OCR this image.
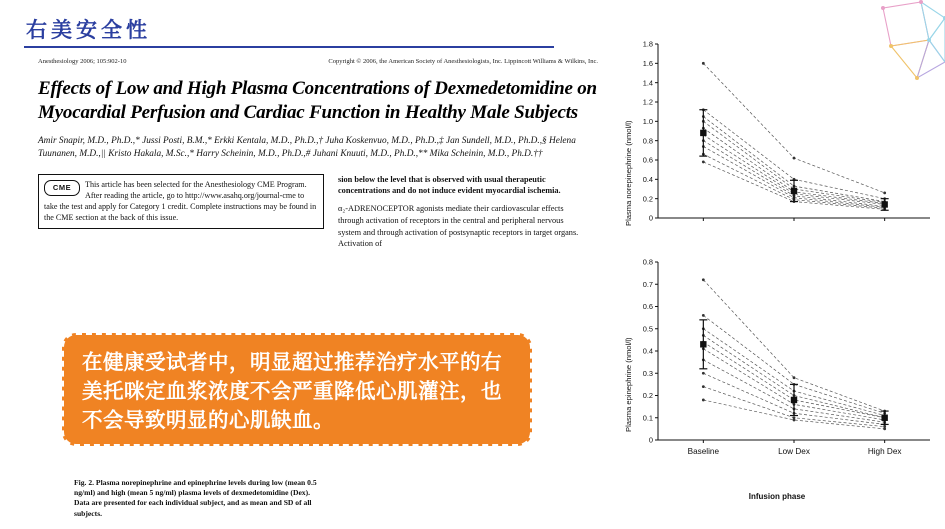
右美安全性
Anesthesiology 2006; 105:902-10	Copyright © 2006, the American Society of Anesthesiologists, Inc. Lippincott Williams & Wilkins, Inc.
Effects of Low and High Plasma Concentrations of Dexmedetomidine on Myocardial Perfusion and Cardiac Function in Healthy Male Subjects
Amir Snapir, M.D., Ph.D.,* Jussi Posti, B.M.,* Erkki Kentala, M.D., Ph.D.,† Juha Koskenvuo, M.D., Ph.D.,‡ Jan Sundell, M.D., Ph.D.,§ Helena Tuunanen, M.D.,|| Kristo Hakala, M.Sc.,* Harry Scheinin, M.D., Ph.D.,# Juhani Knuuti, M.D., Ph.D.,** Mika Scheinin, M.D., Ph.D.††
CME	This article has been selected for the Anesthesiology CME Program. After reading the article, go to http://www.asahq.org/journal-cme to take the test and apply for Category 1 credit. Complete instructions may be found in the CME section at the back of this issue.

sion below the level that is observed with usual therapeutic concentrations and do not induce evident myocardial ischemia.

α₂-ADRENOCEPTOR agonists mediate their cardiovascular effects through activation of receptors in the central and peripheral nervous system and through activation of postsynaptic receptors in target organs. Activation of

在健康受试者中，明显超过推荐治疗水平的右美托咪定血浆浓度不会严重降低心肌灌注，也不会导致明显的心肌缺血。
Plasma norepinephrine (nmol/l) 0
0.2
0.4
0.6
0.8
1.0
1.2
1.4
1.6
1.8
Plasma epinephrine (nmol/l)
0
0.1
0.2
0.3
0.4
0.5
0.6
0.7
0.8
Baseline	Low Dex	High Dex
Infusion phase
Fig. 2. Plasma norepinephrine and epinephrine levels during low (mean 0.5 ng/ml) and high (mean 5 ng/ml) plasma levels of dexmedetomidine (Dex). Data are presented for each individual subject, and as mean and SD of all subjects.
